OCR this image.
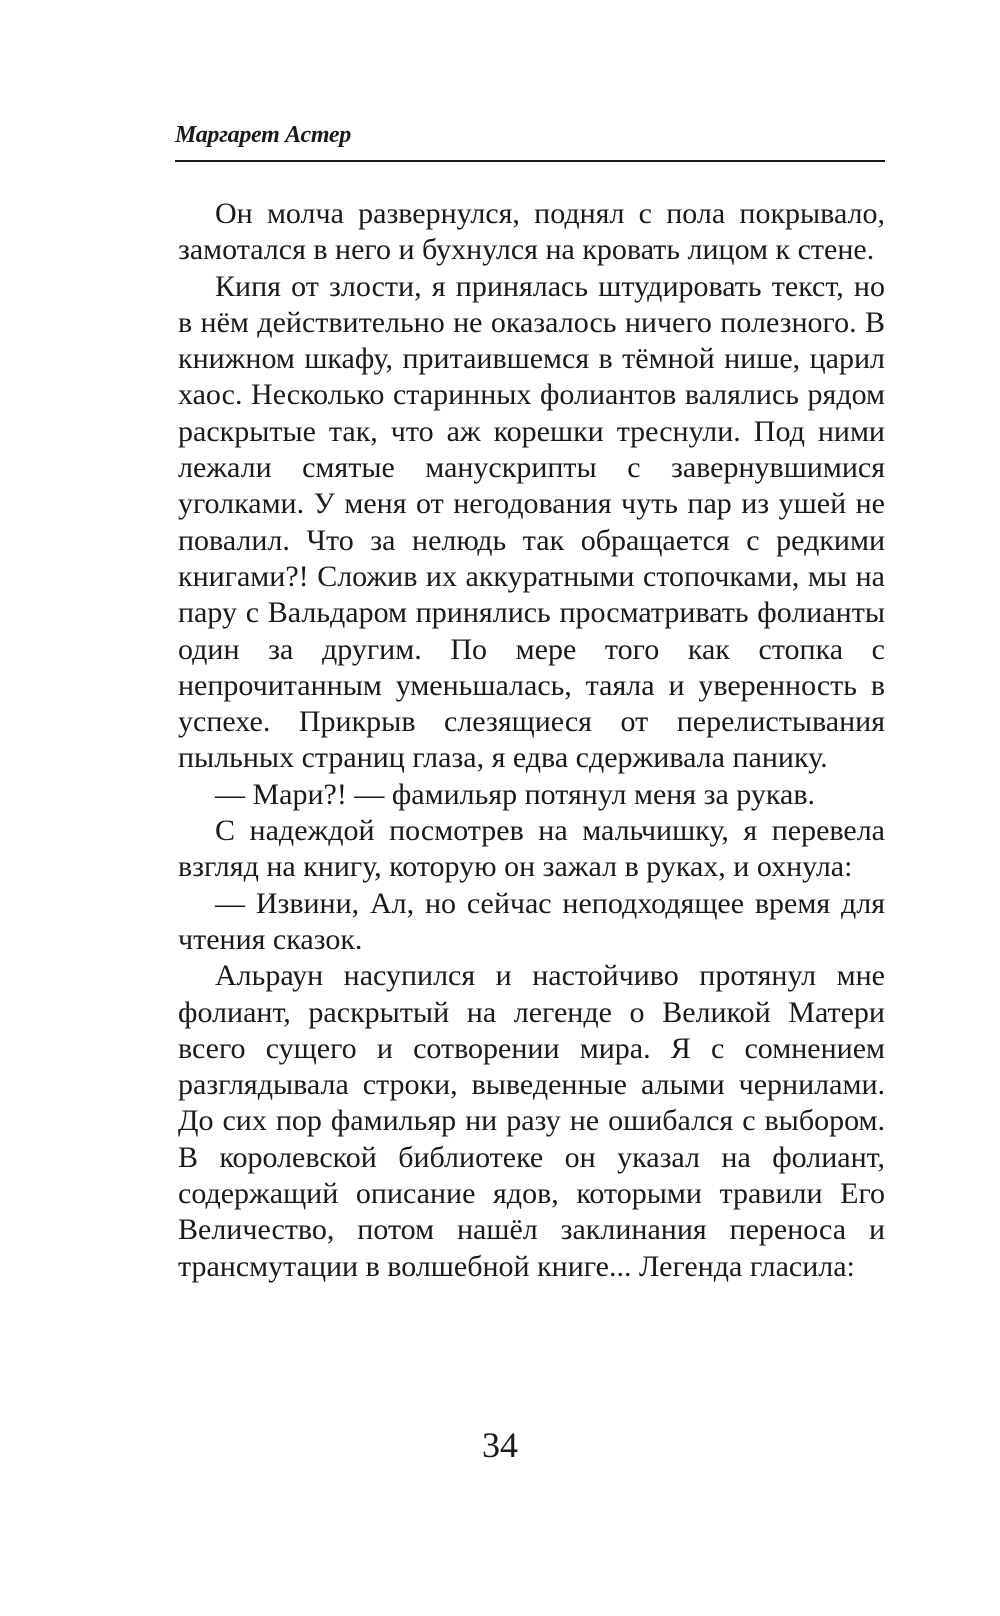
Маргарет Астер

Он молча развернулся, поднял с пола покрывало, замотался в него и бухнулся на кровать лицом к стене.

Кипя от злости, я принялась штудировать текст, но в нём действительно не оказалось ничего полезного. В книжном шкафу, притаившемся в тёмной нише, царил хаос. Несколько старинных фолиантов валялись рядом раскрытые так, что аж корешки треснули. Под ними лежали смятые манускрипты с завернувшимися уголками. У меня от негодования чуть пар из ушей не повалил. Что за нелюдь так обращается с редкими книгами?! Сложив их аккуратными стопочками, мы на пару с Вальдаром принялись просматривать фолианты один за другим. По мере того как стопка с непрочитанным уменьшалась, таяла и уверенность в успехе. Прикрыв слезящиеся от перелистывания пыльных страниц глаза, я едва сдерживала панику.

— Мари?! — фамильяр потянул меня за рукав.

С надеждой посмотрев на мальчишку, я перевела взгляд на книгу, которую он зажал в руках, и охнула:

— Извини, Ал, но сейчас неподходящее время для чтения сказок.

Альраун насупился и настойчиво протянул мне фолиант, раскрытый на легенде о Великой Матери всего сущего и сотворении мира. Я с сомнением разглядывала строки, выведенные алыми чернилами. До сих пор фамильяр ни разу не ошибался с выбором. В королевской библиотеке он указал на фолиант, содержащий описание ядов, которыми травили Его Величество, потом нашёл заклинания переноса и трансмутации в волшебной книге... Легенда гласила:

34
